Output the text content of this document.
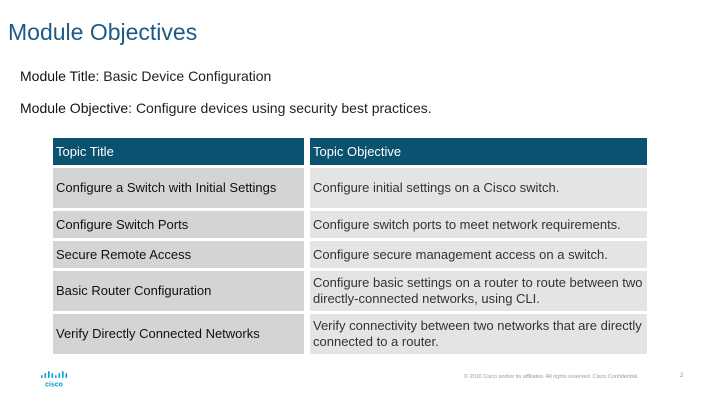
Module Objectives
Module Title: Basic Device Configuration
Module Objective: Configure devices using security best practices.
Topic Title	Topic Objective
Configure a Switch with Initial Settings	Configure initial settings on a Cisco switch.
Configure Switch Ports	Configure switch ports to meet network requirements.
Secure Remote Access	Configure secure management access on a switch.
Basic Router Configuration	Configure basic settings on a router to route between two directly-connected networks, using CLI.
Verify Directly Connected Networks	Verify connectivity between two networks that are directly connected to a router.
cisco
© 2016 Cisco and/or its affiliates. All rights reserved. Cisco Confidential	2
